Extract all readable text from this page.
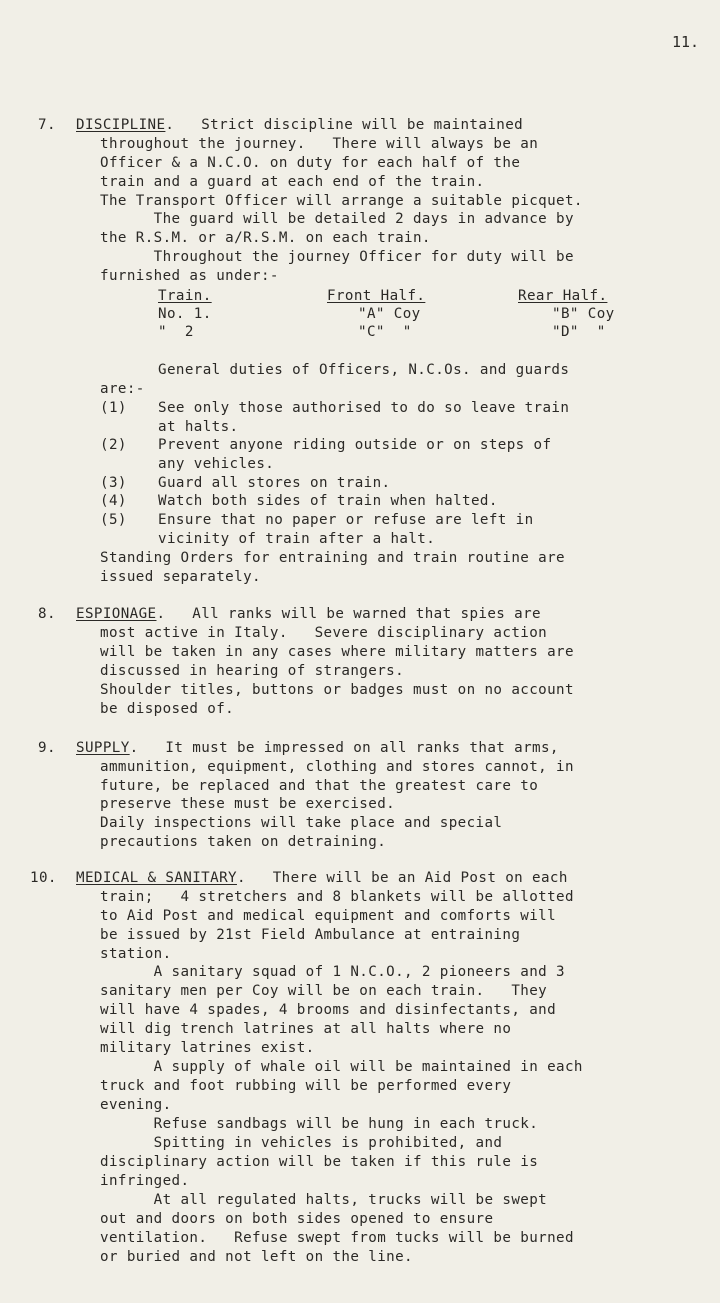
11.
7. DISCIPLINE.   Strict discipline will be maintained
throughout the journey.   There will always be an
Officer & a N.C.O. on duty for each half of the
train and a guard at each end of the train.
The Transport Officer will arrange a suitable picquet.
The guard will be detailed 2 days in advance by
the R.S.M. or a/R.S.M. on each train.
Throughout the journey Officer for duty will be
furnished as under:-
Train.	Front Half.	Rear Half.
No. 1.	"A" Coy	"B" Coy
"  2	"C"  "	"D"  "
General duties of Officers, N.C.Os. and guards
are:-
(1) See only those authorised to do so leave train
at halts.
(2) Prevent anyone riding outside or on steps of
any vehicles.
(3) Guard all stores on train.
(4) Watch both sides of train when halted.
(5) Ensure that no paper or refuse are left in
vicinity of train after a halt.
Standing Orders for entraining and train routine are
issued separately.
8. ESPIONAGE.   All ranks will be warned that spies are
most active in Italy.   Severe disciplinary action
will be taken in any cases where military matters are
discussed in hearing of strangers.
Shoulder titles, buttons or badges must on no account
be disposed of.
9. SUPPLY.   It must be impressed on all ranks that arms,
ammunition, equipment, clothing and stores cannot, in
future, be replaced and that the greatest care to
preserve these must be exercised.
Daily inspections will take place and special
precautions taken on detraining.
10. MEDICAL & SANITARY.   There will be an Aid Post on each
train;   4 stretchers and 8 blankets will be allotted
to Aid Post and medical equipment and comforts will
be issued by 21st Field Ambulance at entraining
station.
A sanitary squad of 1 N.C.O., 2 pioneers and 3
sanitary men per Coy will be on each train.   They
will have 4 spades, 4 brooms and disinfectants, and
will dig trench latrines at all halts where no
military latrines exist.
A supply of whale oil will be maintained in each
truck and foot rubbing will be performed every
evening.
Refuse sandbags will be hung in each truck.
Spitting in vehicles is prohibited, and
disciplinary action will be taken if this rule is
infringed.
At all regulated halts, trucks will be swept
out and doors on both sides opened to ensure
ventilation.   Refuse swept from tucks will be burned
or buried and not left on the line.
